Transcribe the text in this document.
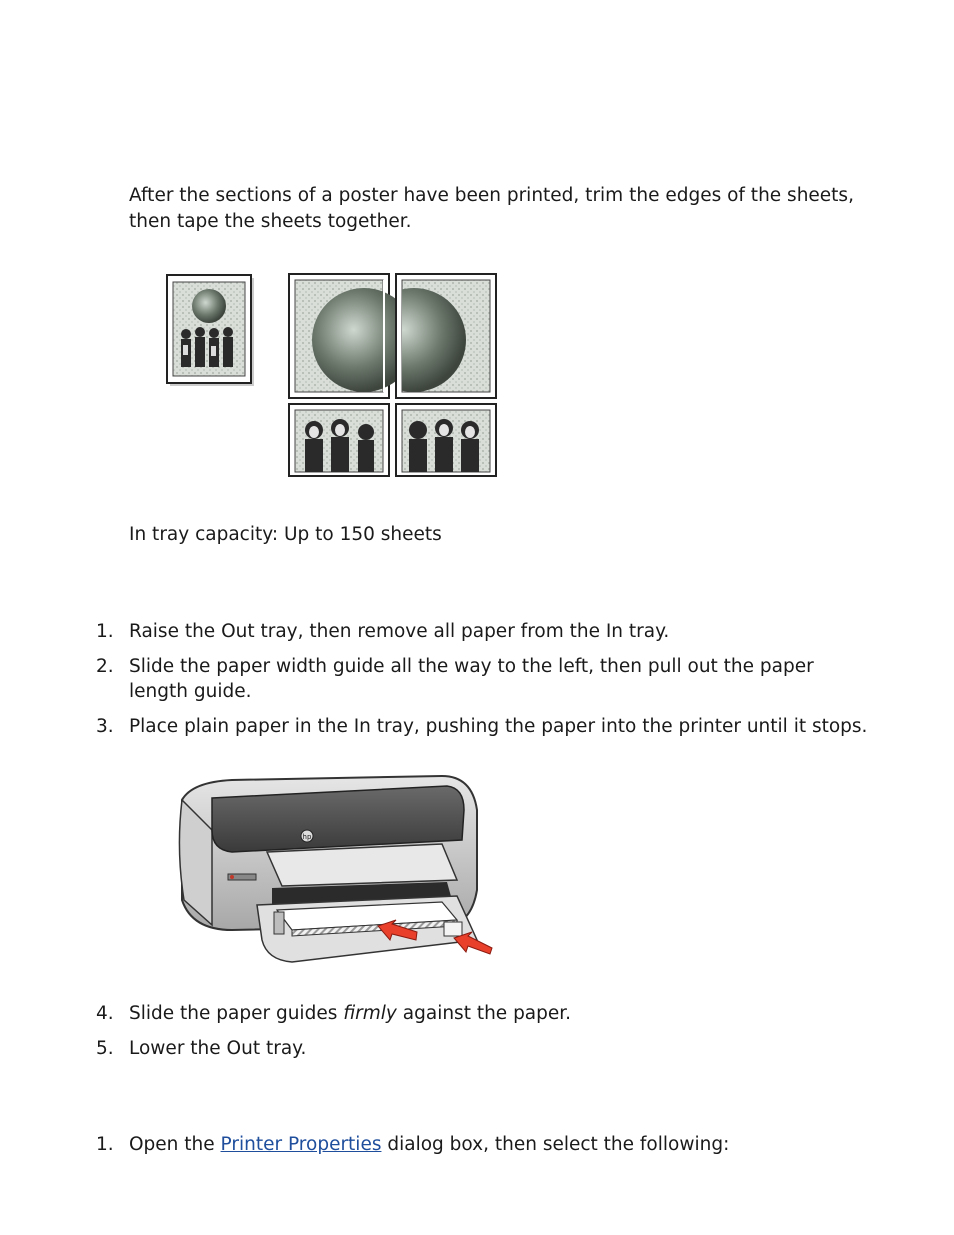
After the sections of a poster have been printed, trim the edges of the sheets, then tape the sheets together.

In tray capacity: Up to 150 sheets

1. Raise the Out tray, then remove all paper from the In tray.
2. Slide the paper width guide all the way to the left, then pull out the paper length guide.
3. Place plain paper in the In tray, pushing the paper into the printer until it stops.
hp
4. Slide the paper guides firmly against the paper.
5. Lower the Out tray.
1. Open the Printer Properties dialog box, then select the following:
